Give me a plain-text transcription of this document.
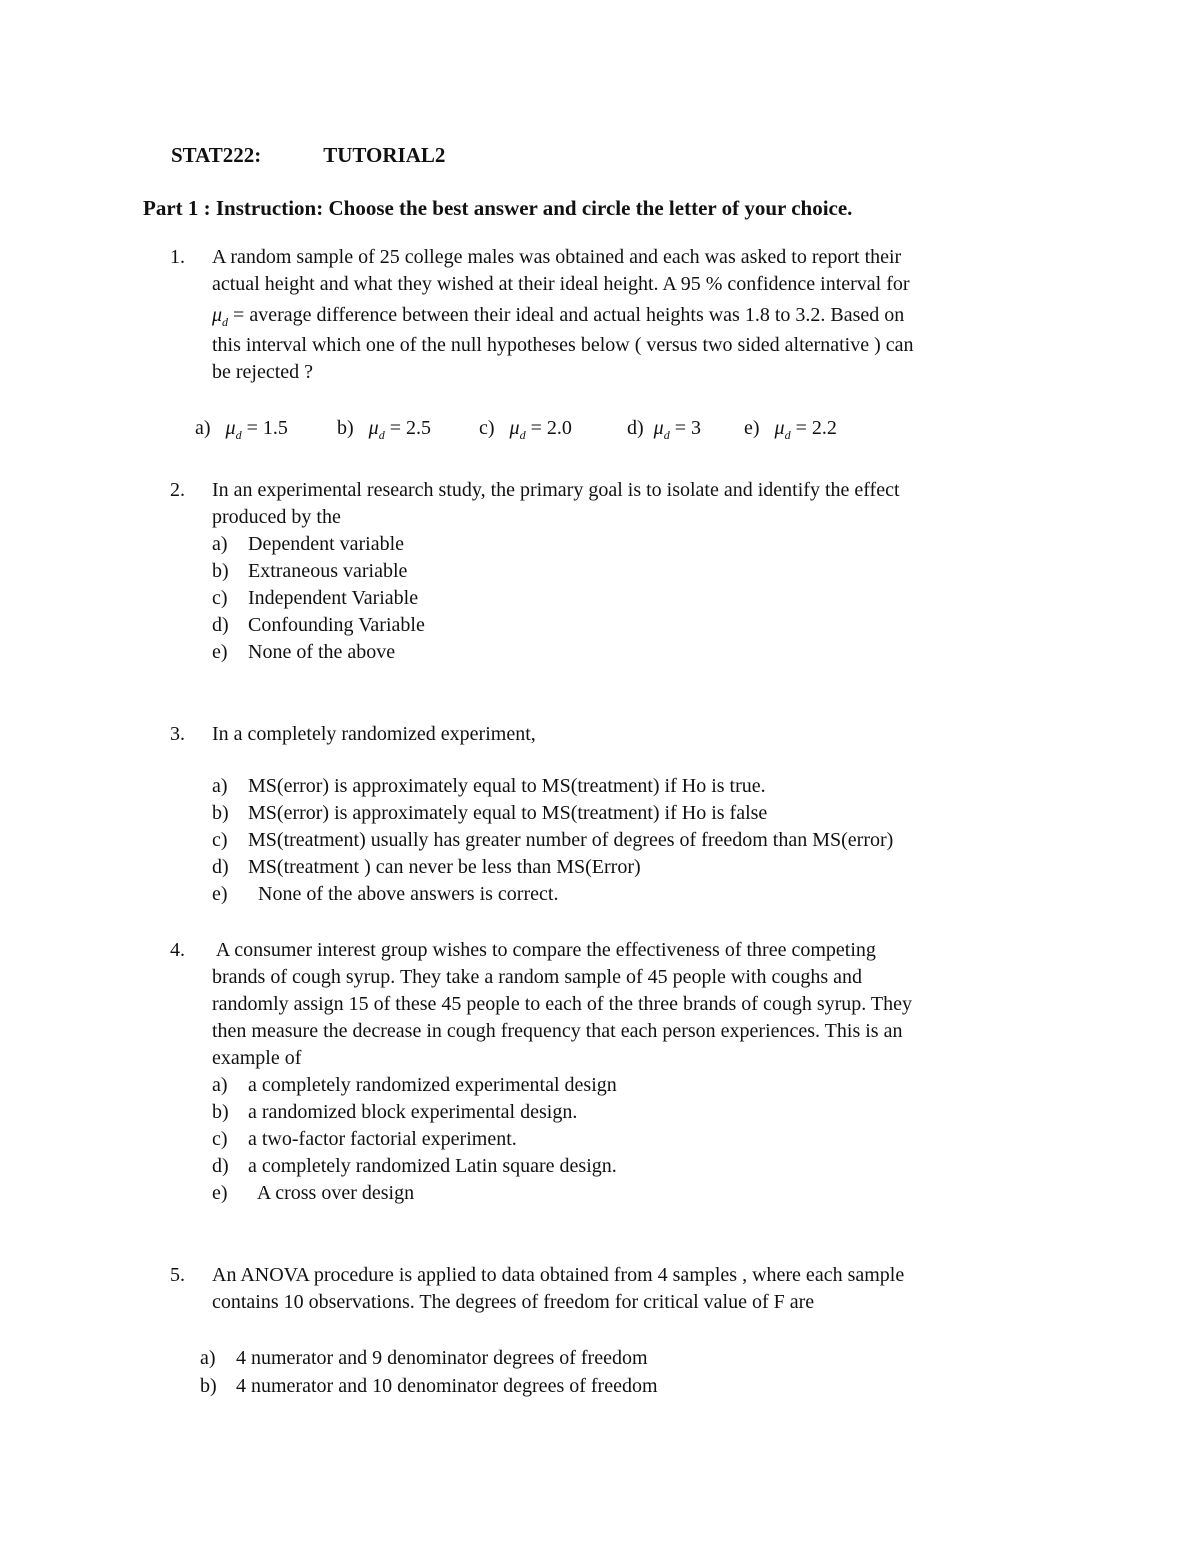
STAT222:	TUTORIAL2
Part 1 : Instruction: Choose the best answer and circle the letter of your choice.
1. A random sample of 25 college males was obtained and each was asked to report their
actual height and what they wished at their ideal height. A 95 % confidence interval for
$\mu_d$ = average difference between their ideal and actual heights was 1.8 to 3.2. Based on
this interval which one of the null hypotheses below ( versus two sided alternative ) can
be rejected ?
a) $\mu_d = 1.5$ b) $\mu_d = 2.5$ c) $\mu_d = 2.0$	d) $\mu_d = 3$ e) $\mu_d = 2.2$
2. In an experimental research study, the primary goal is to isolate and identify the effect
produced by the
a) Dependent variable
b) Extraneous variable
c) Independent Variable
d) Confounding Variable
e) None of the above
3. In a completely randomized experiment,
a) MS(error) is approximately equal to MS(treatment) if Ho is true.
b) MS(error) is approximately equal to MS(treatment) if Ho is false
c) MS(treatment) usually has greater number of degrees of freedom than MS(error)
d) MS(treatment ) can never be less than MS(Error)
e)  None of the above answers is correct.
4. A consumer interest group wishes to compare the effectiveness of three competing
brands of cough syrup. They take a random sample of 45 people with coughs and
randomly assign 15 of these 45 people to each of the three brands of cough syrup. They
then measure the decrease in cough frequency that each person experiences. This is an
example of
a) a completely randomized experimental design
b) a randomized block experimental design.
c) a two-factor factorial experiment.
d) a completely randomized Latin square design.
e)  A cross over design
5. An ANOVA procedure is applied to data obtained from 4 samples , where each sample
contains 10 observations. The degrees of freedom for critical value of F are
a) 4 numerator and 9 denominator degrees of freedom
b) 4 numerator and 10 denominator degrees of freedom
